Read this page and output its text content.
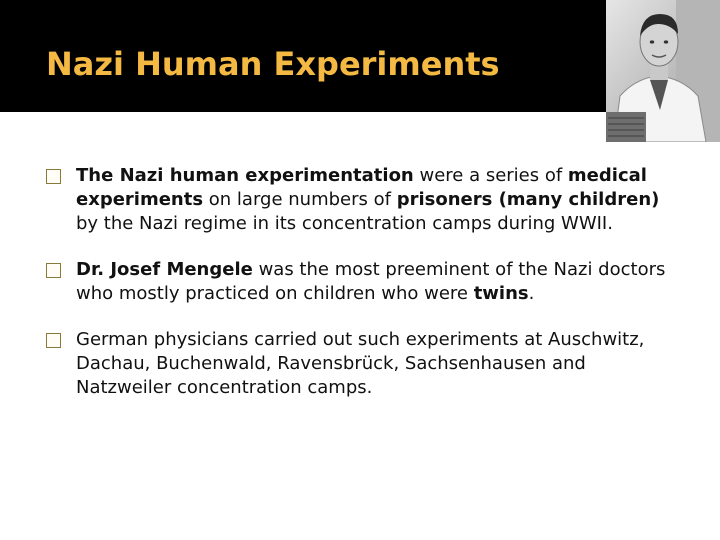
Nazi Human Experiments
The Nazi human experimentation were a series of medical experiments on large numbers of prisoners (many children) by the Nazi regime in its concentration camps during WWII.
Dr. Josef Mengele was the most preeminent of the Nazi doctors who mostly practiced on children who were twins.
German physicians carried out such experiments at Auschwitz, Dachau, Buchenwald, Ravensbrück, Sachsenhausen and Natzweiler concentration camps.
